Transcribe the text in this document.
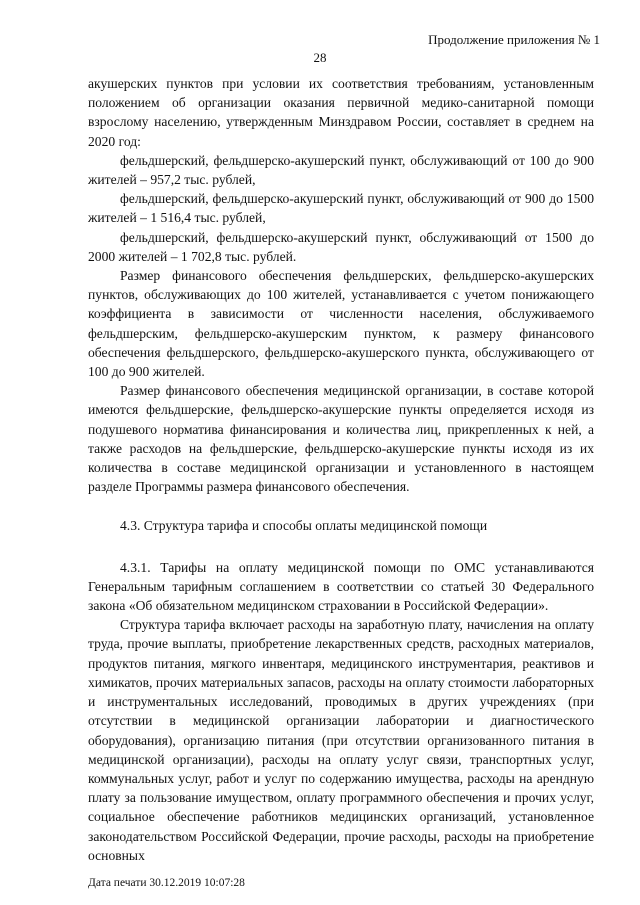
Продолжение приложения № 1
28

акушерских пунктов при условии их соответствия требованиям, установленным положением об организации оказания первичной медико-санитарной помощи взрослому населению, утвержденным Минздравом России, составляет в среднем на 2020 год:

фельдшерский, фельдшерско-акушерский пункт, обслуживающий от 100 до 900 жителей – 957,2 тыс. рублей,

фельдшерский, фельдшерско-акушерский пункт, обслуживающий от 900 до 1500 жителей – 1 516,4 тыс. рублей,

фельдшерский, фельдшерско-акушерский пункт, обслуживающий от 1500 до 2000 жителей – 1 702,8 тыс. рублей.

Размер финансового обеспечения фельдшерских, фельдшерско-акушерских пунктов, обслуживающих до 100 жителей, устанавливается с учетом понижающего коэффициента в зависимости от численности населения, обслуживаемого фельдшерским, фельдшерско-акушерским пунктом, к размеру финансового обеспечения фельдшерского, фельдшерско-акушерского пункта, обслуживающего от 100 до 900 жителей.

Размер финансового обеспечения медицинской организации, в составе которой имеются фельдшерские, фельдшерско-акушерские пункты определяется исходя из подушевого норматива финансирования и количества лиц, прикрепленных к ней, а также расходов на фельдшерские, фельдшерско-акушерские пункты исходя из их количества в составе медицинской организации и установленного в настоящем разделе Программы размера финансового обеспечения.

4.3. Структура тарифа и способы оплаты медицинской помощи

4.3.1. Тарифы на оплату медицинской помощи по ОМС устанавливаются Генеральным тарифным соглашением в соответствии со статьей 30 Федерального закона «Об обязательном медицинском страховании в Российской Федерации».

Структура тарифа включает расходы на заработную плату, начисления на оплату труда, прочие выплаты, приобретение лекарственных средств, расходных материалов, продуктов питания, мягкого инвентаря, медицинского инструментария, реактивов и химикатов, прочих материальных запасов, расходы на оплату стоимости лабораторных и инструментальных исследований, проводимых в других учреждениях (при отсутствии в медицинской организации лаборатории и диагностического оборудования), организацию питания (при отсутствии организованного питания в медицинской организации), расходы на оплату услуг связи, транспортных услуг, коммунальных услуг, работ и услуг по содержанию имущества, расходы на арендную плату за пользование имуществом, оплату программного обеспечения и прочих услуг, социальное обеспечение работников медицинских организаций, установленное законодательством Российской Федерации, прочие расходы, расходы на приобретение основных

Дата печати 30.12.2019 10:07:28
